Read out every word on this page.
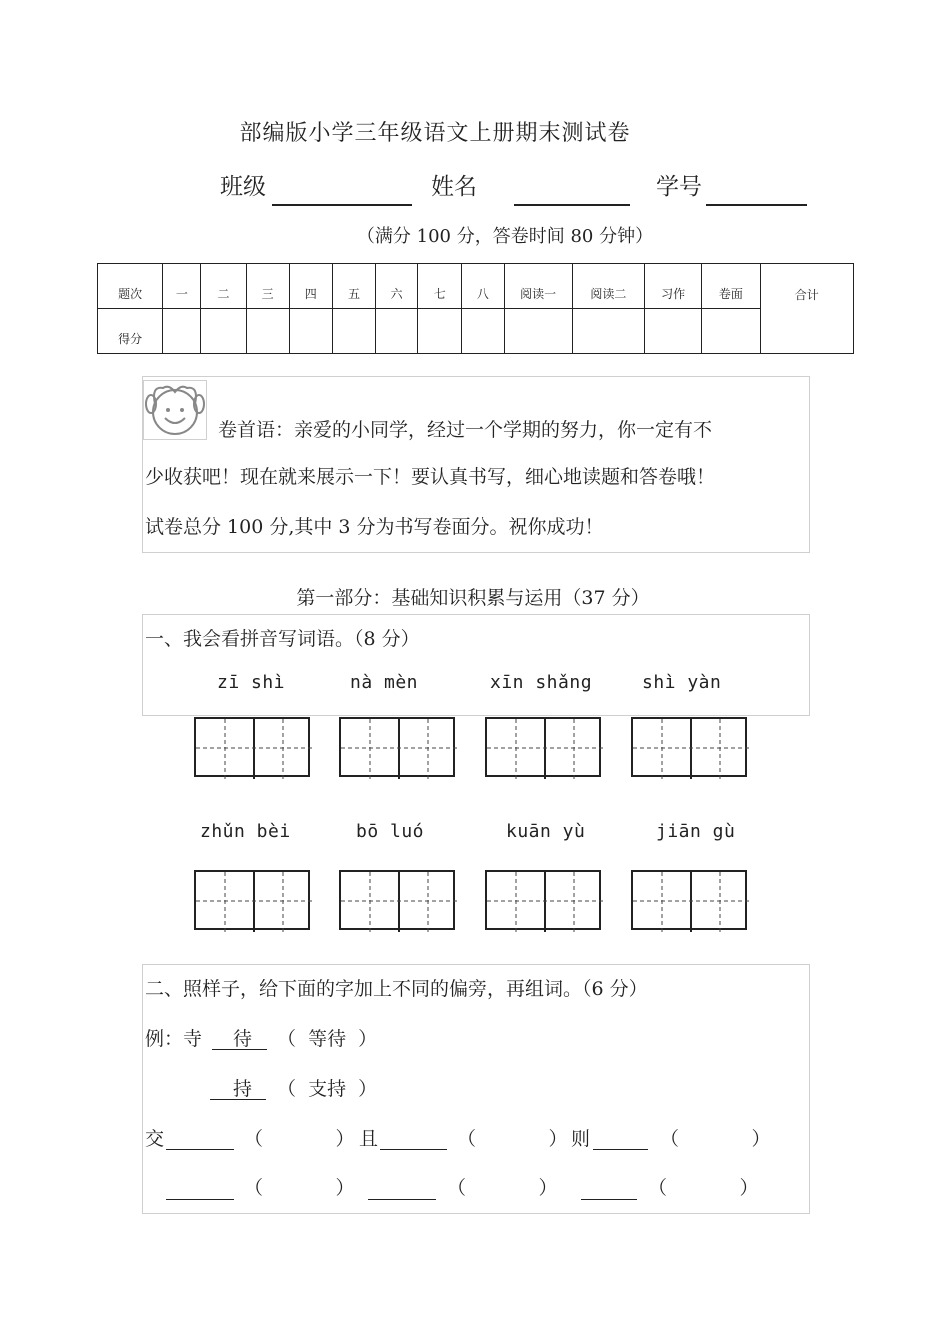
部编版小学三年级语文上册期末测试卷
班级	姓名	学号
（满分 100 分，答卷时间 80 分钟）
题次	一	二	三	四	五	六	七	八	阅读一	阅读二	习作	卷面	合计
得分													
卷首语：亲爱的小同学，经过一个学期的努力，你一定有不
少收获吧！现在就来展示一下！要认真书写，细心地读题和答卷哦！
试卷总分 100 分,其中 3 分为书写卷面分。祝你成功！
第一部分：基础知识积累与运用（37 分）
一、我会看拼音写词语。（8 分）
zī shì	nà mèn	xīn shǎng	shì yàn
zhǔn bèi	bō luó	kuān yù	jiān gù
二、照样子，给下面的字加上不同的偏旁，再组词。（6 分）
例：寺 待 （  等待  ）
持 （  支持  ）
交	（            ） 且	（            ） 则	（            ）
（            ）	（            ）	（            ）
